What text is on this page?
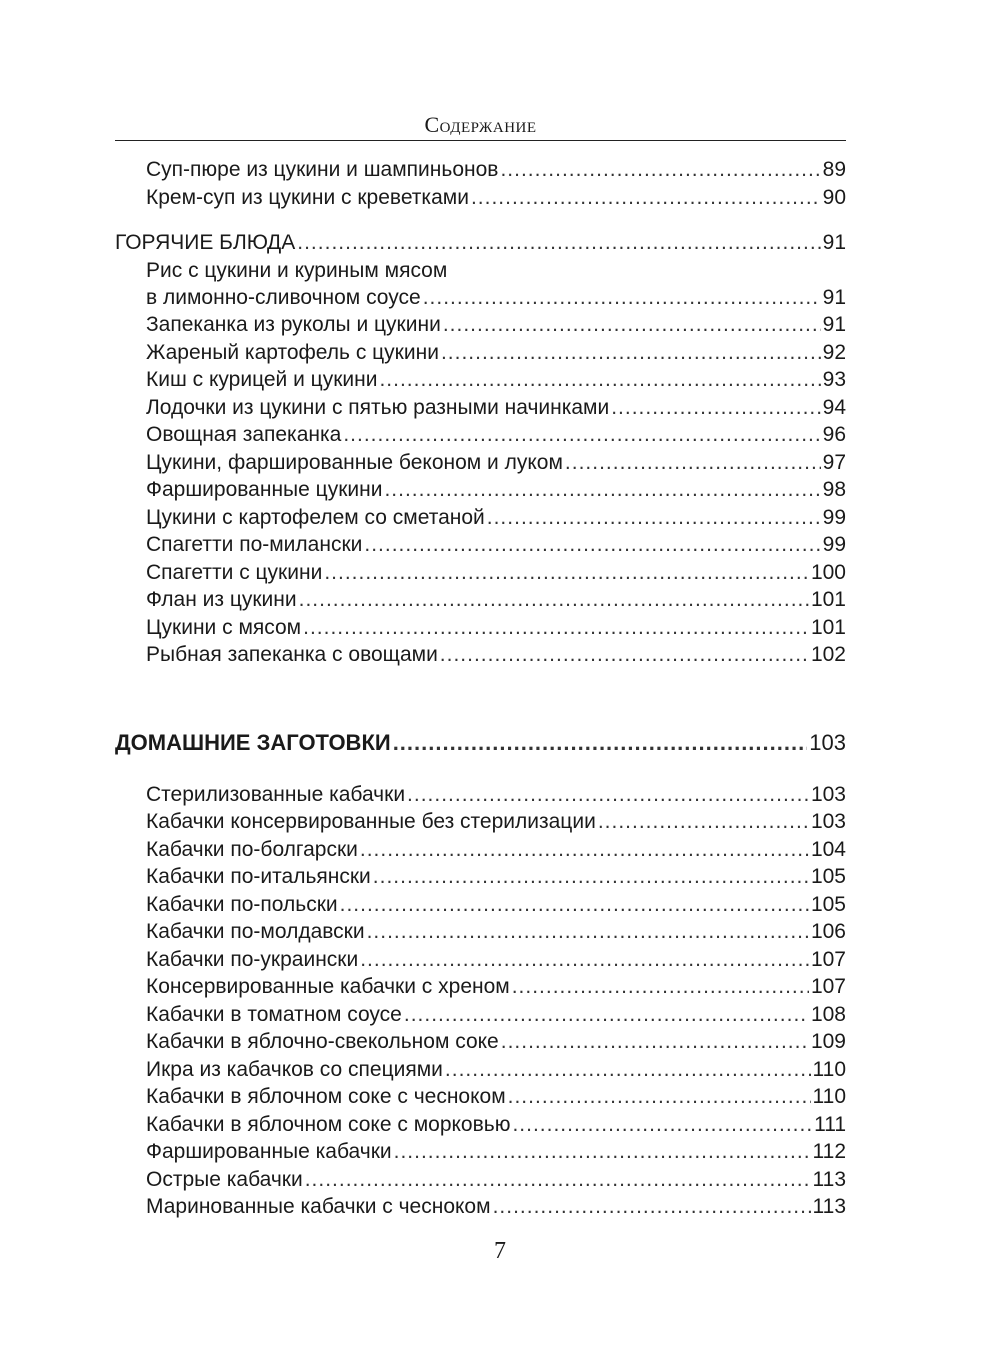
Содержание
Суп-пюре из цукини и шампиньонов .....	89
Крем-суп из цукини с креветками .....	90
ГОРЯЧИЕ БЛЮДА .....	91
Рис с цукини и куриным мясом
в лимонно-сливочном соусе .....	91
Запеканка из руколы и цукини .....	91
Жареный картофель с цукини .....	92
Киш с курицей и цукини .....	93
Лодочки из цукини с пятью разными начинками .....	94
Овощная запеканка .....	96
Цукини, фаршированные беконом и луком .....	97
Фаршированные цукини .....	98
Цукини с картофелем со сметаной .....	99
Спагетти по-милански .....	99
Спагетти с цукини .....	100
Флан из цукини .....	101
Цукини с мясом .....	101
Рыбная запеканка с овощами .....	102
ДОМАШНИЕ ЗАГОТОВКИ .....	103
Стерилизованные кабачки .....	103
Кабачки консервированные без стерилизации .....	103
Кабачки по-болгарски .....	104
Кабачки по-итальянски .....	105
Кабачки по-польски .....	105
Кабачки по-молдавски .....	106
Кабачки по-украински .....	107
Консервированные кабачки с хреном .....	107
Кабачки в томатном соусе .....	108
Кабачки в яблочно-свекольном соке .....	109
Икра из кабачков со специями .....	110
Кабачки в яблочном соке с чесноком .....	110
Кабачки в яблочном соке с морковью .....	111
Фаршированные кабачки .....	112
Острые кабачки .....	113
Маринованные кабачки с чесноком .....	113
7
